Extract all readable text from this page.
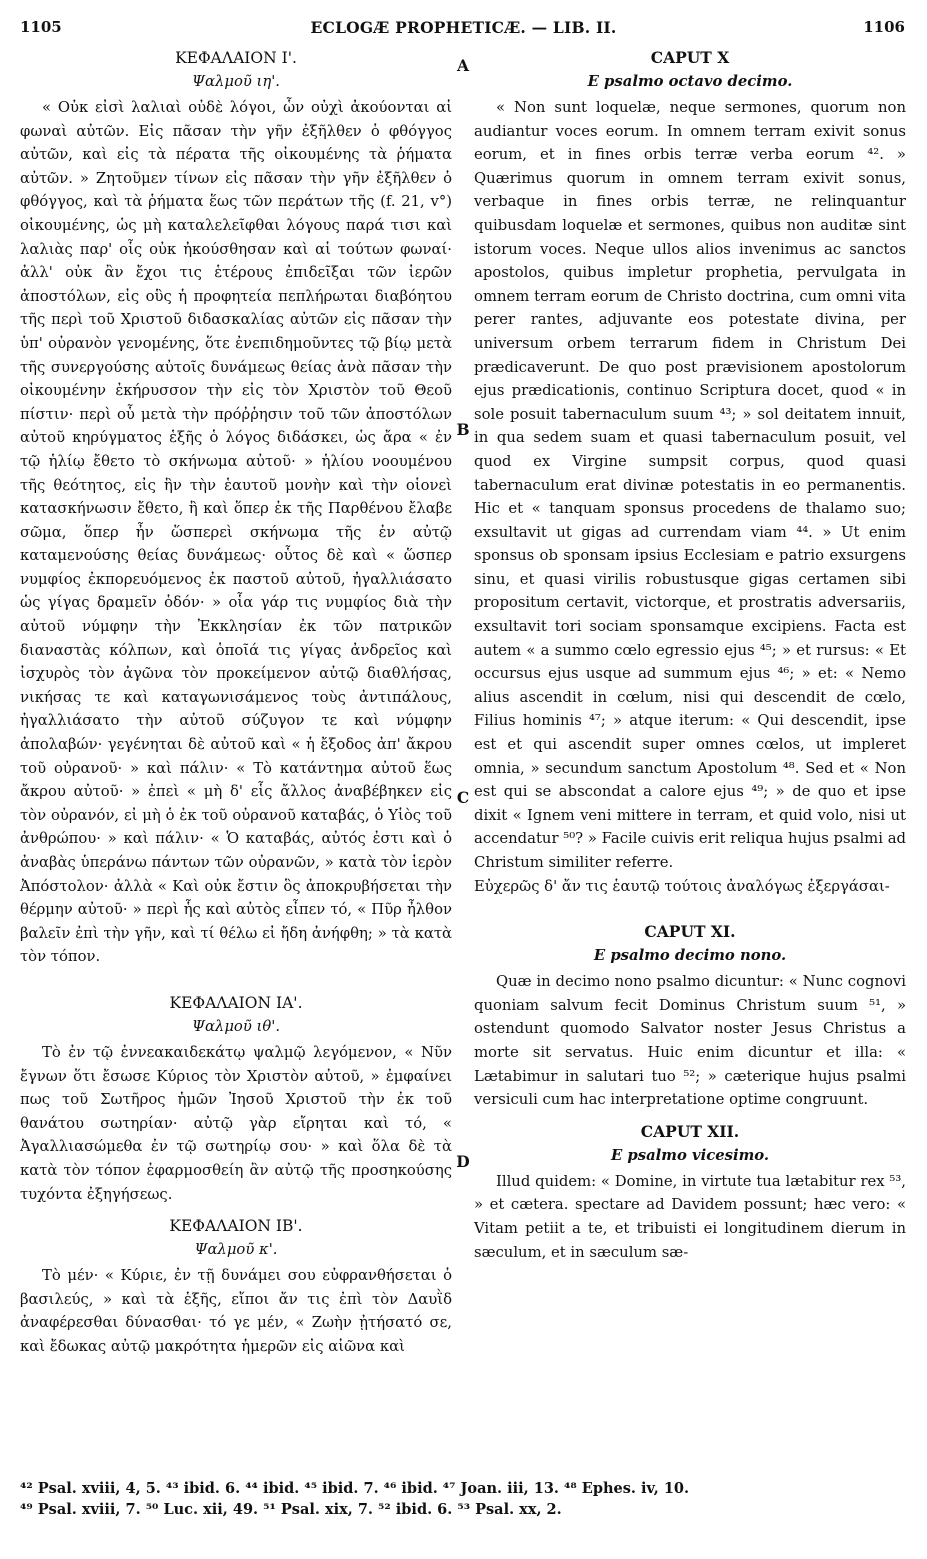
1105	ECLOGÆ PROPHETICÆ. — LIB. II.	1106
A
B
C
D

ΚΕΦΑΛΑΙΟΝ Ι'.

Ψαλμοῦ ιη'.

« Οὐκ εἰσὶ λαλιαὶ οὐδὲ λόγοι, ὧν οὐχὶ ἀκούονται αἱ φωναὶ αὐτῶν. Εἰς πᾶσαν τὴν γῆν ἐξῆλθεν ὁ φθόγγος αὐτῶν, καὶ εἰς τὰ πέρατα τῆς οἰκουμένης τὰ ῥήματα αὐτῶν. » Ζητοῦμεν τίνων εἰς πᾶσαν τὴν γῆν ἐξῆλθεν ὁ φθόγγος, καὶ τὰ ῥήματα ἕως τῶν περάτων τῆς (f. 21, v°) οἰκουμένης, ὡς μὴ καταλελεῖφθαι λόγους παρά τισι καὶ λαλιὰς παρ' οἷς οὐκ ἠκούσθησαν καὶ αἱ τούτων φωναί· ἀλλ' οὐκ ἂν ἔχοι τις ἑτέρους ἐπιδεῖξαι τῶν ἱερῶν ἀποστόλων, εἰς οὓς ἡ προφητεία πεπλήρωται διαβόητου τῆς περὶ τοῦ Χριστοῦ διδασκαλίας αὐτῶν εἰς πᾶσαν τὴν ὑπ' οὐρανὸν γενομένης, ὅτε ἐνεπιδημοῦντες τῷ βίῳ μετὰ τῆς συνεργούσης αὐτοῖς δυνάμεως θείας ἀνὰ πᾶσαν τὴν οἰκουμένην ἐκήρυσσον τὴν εἰς τὸν Χριστὸν τοῦ Θεοῦ πίστιν· περὶ οὗ μετὰ τὴν πρόῤῥησιν τοῦ τῶν ἀποστόλων αὐτοῦ κηρύγματος ἑξῆς ὁ λόγος διδάσκει, ὡς ἄρα « ἐν τῷ ἡλίῳ ἔθετο τὸ σκήνωμα αὐτοῦ· » ἡλίου νοουμένου τῆς θεότητος, εἰς ἣν τὴν ἑαυτοῦ μονὴν καὶ τὴν οἱονεὶ κατασκήνωσιν ἔθετο, ἢ καὶ ὅπερ ἐκ τῆς Παρθένου ἔλαβε σῶμα, ὅπερ ἦν ὥσπερεὶ σκήνωμα τῆς ἐν αὐτῷ καταμενούσης θείας δυνάμεως· οὗτος δὲ καὶ « ὥσπερ νυμφίος ἐκπορευόμενος ἐκ παστοῦ αὐτοῦ, ἠγαλλιάσατο ὡς γίγας δραμεῖν ὁδόν· » οἷα γάρ τις νυμφίος διὰ τὴν αὐτοῦ νύμφην τὴν Ἐκκλησίαν ἐκ τῶν πατρικῶν διαναστὰς κόλπων, καὶ ὁποῖά τις γίγας ἀνδρεῖος καὶ ἰσχυρὸς τὸν ἀγῶνα τὸν προκείμενον αὐτῷ διαθλήσας, νικήσας τε καὶ καταγωνισάμενος τοὺς ἀντιπάλους, ἠγαλλιάσατο τὴν αὐτοῦ σύζυγον τε καὶ νύμφην ἀπολαβών· γεγένηται δὲ αὐτοῦ καὶ « ἡ ἔξοδος ἀπ' ἄκρου τοῦ οὐρανοῦ· » καὶ πάλιν· « Τὸ κατάντημα αὐτοῦ ἕως ἄκρου αὐτοῦ· » ἐπεὶ « μὴ δ' εἷς ἄλλος ἀναβέβηκεν εἰς τὸν οὐρανόν, εἰ μὴ ὁ ἐκ τοῦ οὐρανοῦ καταβάς, ὁ Υἱὸς τοῦ ἀνθρώπου· » καὶ πάλιν· « Ὁ καταβάς, αὐτός ἐστι καὶ ὁ ἀναβὰς ὑπεράνω πάντων τῶν οὐρανῶν, » κατὰ τὸν ἱερὸν Ἀπόστολον· ἀλλὰ « Καὶ οὐκ ἔστιν ὃς ἀποκρυβήσεται τὴν θέρμην αὐτοῦ· » περὶ ἧς καὶ αὐτὸς εἶπεν τό, « Πῦρ ἦλθον βαλεῖν ἐπὶ τὴν γῆν, καὶ τί θέλω εἰ ἤδη ἀνήφθη; » τὰ κατὰ τὸν τόπον.

ΚΕΦΑΛΑΙΟΝ ΙΑ'.

Ψαλμοῦ ιθ'.

Τὸ ἐν τῷ ἐννεακαιδεκάτῳ ψαλμῷ λεγόμενον, « Νῦν ἔγνων ὅτι ἔσωσε Κύριος τὸν Χριστὸν αὐτοῦ, » ἐμφαίνει πως τοῦ Σωτῆρος ἡμῶν Ἰησοῦ Χριστοῦ τὴν ἐκ τοῦ θανάτου σωτηρίαν· αὐτῷ γὰρ εἴρηται καὶ τό, « Ἀγαλλιασώμεθα ἐν τῷ σωτηρίῳ σου· » καὶ ὅλα δὲ τὰ κατὰ τὸν τόπον ἐφαρμοσθείη ἂν αὐτῷ τῆς προσηκούσης τυχόντα ἐξηγήσεως.

ΚΕΦΑΛΑΙΟΝ ΙΒ'.

Ψαλμοῦ κ'.

Τὸ μέν· « Κύριε, ἐν τῇ δυνάμει σου εὐφρανθήσεται ὁ βασιλεύς, » καὶ τὰ ἑξῆς, εἴποι ἄν τις ἐπὶ τὸν Δαυῒδ ἀναφέρεσθαι δύνασθαι· τό γε μέν, « Ζωὴν ᾐτήσατό σε, καὶ ἔδωκας αὐτῷ μακρότητα ἡμερῶν εἰς αἰῶνα καὶ

CAPUT X

E psalmo octavo decimo.

« Non sunt loquelæ, neque sermones, quorum non audiantur voces eorum. In omnem terram exivit sonus eorum, et in fines orbis terræ verba eorum ⁴². » Quærimus quorum in omnem terram exivit sonus, verbaque in fines orbis terræ, ne relinquantur quibusdam loquelæ et sermones, quibus non auditæ sint istorum voces. Neque ullos alios invenimus ac sanctos apostolos, quibus impletur prophetia, pervulgata in omnem terram eorum de Christo doctrina, cum omni vita perer rantes, adjuvante eos potestate divina, per universum orbem terrarum fidem in Christum Dei prædicaverunt. De quo post prævisionem apostolorum ejus prædicationis, continuo Scriptura docet, quod « in sole posuit tabernaculum suum ⁴³; » sol deitatem innuit, in qua sedem suam et quasi tabernaculum posuit, vel quod ex Virgine sumpsit corpus, quod quasi tabernaculum erat divinæ potestatis in eo permanentis. Hic et « tanquam sponsus procedens de thalamo suo; exsultavit ut gigas ad currendam viam ⁴⁴. » Ut enim sponsus ob sponsam ipsius Ecclesiam e patrio exsurgens sinu, et quasi virilis robustusque gigas certamen sibi propositum certavit, victorque, et prostratis adversariis, exsultavit tori sociam sponsamque excipiens. Facta est autem « a summo cœlo egressio ejus ⁴⁵; » et rursus: « Et occursus ejus usque ad summum ejus ⁴⁶; » et: « Nemo alius ascendit in cœlum, nisi qui descendit de cœlo, Filius hominis ⁴⁷; » atque iterum: « Qui descendit, ipse est et qui ascendit super omnes cœlos, ut impleret omnia, » secundum sanctum Apostolum ⁴⁸. Sed et « Non est qui se abscondat a calore ejus ⁴⁹; » de quo et ipse dixit « Ignem veni mittere in terram, et quid volo, nisi ut accendatur ⁵⁰? » Facile cuivis erit reliqua hujus psalmi ad Christum similiter referre.

Εὐχερῶς δ' ἄν τις ἑαυτῷ τούτοις ἀναλόγως ἐξεργάσαι-

CAPUT XI.

E psalmo decimo nono.

Quæ in decimo nono psalmo dicuntur: « Nunc cognovi quoniam salvum fecit Dominus Christum suum ⁵¹, » ostendunt quomodo Salvator noster Jesus Christus a morte sit servatus. Huic enim dicuntur et illa: « Lætabimur in salutari tuo ⁵²; » cæterique hujus psalmi versiculi cum hac interpretatione optime congruunt.

CAPUT XII.

E psalmo vicesimo.

Illud quidem: « Domine, in virtute tua lætabitur rex ⁵³, » et cætera. spectare ad Davidem possunt; hæc vero: « Vitam petiit a te, et tribuisti ei longitudinem dierum in sæculum, et in sæculum sæ-

⁴² Psal. xviii, 4, 5. ⁴³ ibid. 6. ⁴⁴ ibid. ⁴⁵ ibid. 7. ⁴⁶ ibid. ⁴⁷ Joan. iii, 13. ⁴⁸ Ephes. iv, 10.
⁴⁹ Psal. xviii, 7. ⁵⁰ Luc. xii, 49. ⁵¹ Psal. xix, 7. ⁵² ibid. 6. ⁵³ Psal. xx, 2.
